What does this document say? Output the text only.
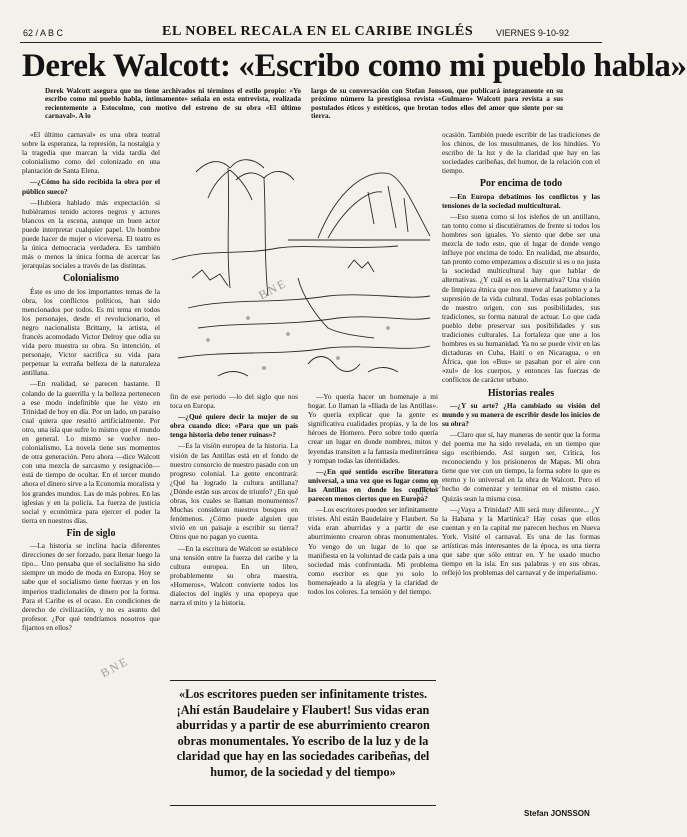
62 / A B C	EL NOBEL RECALA EN EL CARIBE INGLÉS	VIERNES 9-10-92
Derek Walcott: «Escribo como mi pueblo habla»
Derek Walcott asegura que no tiene archivados ni términos el estilo propio: «Yo escribo como mi pueblo habla, íntimamente» señala en esta entrevista, realizada recientemente a Estocolmo, con motivo del estreno de su obra «El último carnaval». A lo
largo de su conversación con Stefan Jonsson, que publicará íntegramente en su próximo número la prestigiosa revista «Gulmaro» Walcott para revista a sus postulados éticos y estéticos, que brotan todos ellos del amor que siente por su tierra.

«El último carnaval» es una obra teatral sobre la esperanza, la represión, la nostalgia y la tragedia que marcan la vida tardía del colonialismo como del colonizado en una plantación de Santa Elena.

—¿Cómo ha sido recibida la obra por el público sueco?

—Hubiera hablado más expectación si hubiéramos tenido actores negros y actores blancos en la escena, aunque un buen actor puede interpretar cualquier papel. Un hombre puede hacer de mujer o viceversa. El teatro es la única democracia verdadera. Es también más o menos la única forma de acercar las jerarquías sociales a través de las distintas.

Colonialismo

Éste es uno de los importantes temas de la obra, los conflictos políticos, han sido mencionados por todos. Es mi tema en todos los personajes, desde el revolucionario, el negro nacionalista Brittany, la artista, el francés acomodado Victor Delroy que odia su vida pero muestra su obra. Su intención, el personaje, Victor sacrifica su vida para perpetuar la extraña belleza de la naturaleza antillana.

—En realidad, se parecen bastante. Il colando de la guerrilla y la belleza pertenecen a ese modo indefinible que he visto en Trinidad de hoy en día. Por un lado, un paraíso cual quiera que resultó artificialmente. Por otro, una isla que sufre lo mismo que el mundo en general. Lo mismo se vuelve neo-colonialismo. La novela tiene sus momentos de otra generación. Pero ahora —dice Walcott con una mezcla de sarcasmo y resignación— está de tiempo de ocultar. En el tercer mundo ahora el dinero sirve a la Economía moralista y los grandes mundos. Las de más pobres. En las iglesias y en la policía. La fuerza de justicia social y económica para ejercer el poder la tierra en nuestros días.

Fin de siglo

—La historia se inclina hacia diferentes direcciones de ser forzado, para llenar luego la tipo... Uno pensaba que el socialismo ha sido siempre un modo de moda en Europa. Hoy se sabe que el socialismo tiene fuerzas y en los imperios tradicionales de dinero por la forma. Para el Caribe es el ocaso. En condiciones de derecho de civilización, y no es asunto del profesor. ¿Por qué tendríamos nosotros que fijarnos en ellos?

BNE
BNE
BNE

fin de ese periodo —lo del siglo que nos toca en Europa.

—¿Qué quiere decir la mujer de su obra cuando dice: «Para que un país tenga historia debe tener ruinas»?

—Es la visión europea de la historia. La visión de las Antillas está en el fondo de nuestro consorcio de nuestro pasado con un progreso colonial. La gente encontrará: ¿Qué ha logrado la cultura antillana? ¿Dónde están sus arcos de triunfo? ¿En qué obras, los cuales se llaman monumentos? Muchas consideran nuestros bosques en fenómenos. ¿Cómo puede alguien que vivió en un paisaje a escribir su tierra? Otros que no pagan yo cuenta.

—En la escritura de Walcott se establece una tensión entre la fuerza del caribe y la cultura europea. En un libro, probablemente su obra maestra, «Homeros», Walcott convierte todos los dialectos del inglés y una epopeya que narra el mito y la historia.

—Yo quería hacer un homenaje a mi hogar. Lo llaman la «Ilíada de las Antillas». Yo quería explicar que la gente es significativa cualidades propias, y la de los héroes de Homero. Pero sobre todo quería crear un lugar en donde nombres, mitos y leyendas transiten a la fantasía mediterránea y rompan todas las identidades.

—¿En qué sentido escribe literatura universal, a una vez que es lugar como en las Antillas en donde los conflictos parecen menos ciertos que en Europa?

—Los escritores pueden ser infinitamente tristes. Ahí están Baudelaire y Flaubert. Su vida eran aburridas y a partir de ese aburrimiento crearon obras monumentales. Yo vengo de un lugar de lo que se manifiesta en la voluntad de cada país a una sociedad más confrontada. Mi problema como escritor es que yo solo lo homenajeado a la alegría y la claridad de todos los colores. La tensión y del tiempo.

ocasión. También puede escribir de las tradiciones de los chinos, de los musulmanes, de los hindúes. Yo escribo de la luz y de la claridad que hay en las sociedades caribeñas, del humor, de la relación con el tiempo.

Por encima de todo

—En Europa debatimos los conflictos y las tensiones de la sociedad multicultural.

—Eso suena como si los isleños de un antillano, tan tonto como sí discutiéramos de frente si todos los hombres son iguales. Yo siento que debe ser una mezcla de todo esto, que el lugar de donde vengo influye por encima de todo. En realidad, me absurdo, tan pronto como empezamos a discutir si es o no justa la sociedad multicultural hay que hablar de alternativas. ¿Y cuál es en la alternativa? Una visión de limpieza étnica que nos mueve al fanatismo y a la supresión de la vida cultural. Todas esas poblaciones de nuestro origen, con sus posibilidades, sus tradiciones, su forma natural de actuar. Lo que cada pueblo debe preservar sus posibilidades y sus tradiciones culturales. La fortaleza que une a los hombres es su humanidad. Ya no se puede vivir en las dictaduras en Cuba, Haití o en Nicaragua, o en África, que los «Bus» se pasaban por el aire con «zul» de los cuerpos, y entonces las fuerzas de conflictos de carácter urbano.

Historias reales

—¿Y su arte? ¿Ha cambiado su visión del mundo y su manera de escribir desde los inicios de su obra?

—Claro que sí, hay maneras de sentir que la forma del poema me ha sido revelada, en un tiempo que sigo escribiendo. Así surgen ser, Crítica, los reconociendo y los prisioneros de Mapas. Mi obra tiene que ver con un tiempo, la forma sobre lo que es eterno y lo universal en la obra de Walcott. Pero el hecho de comenzar y terminar en el mismo caso. Quizás sean la misma cosa.

—¿Vaya a Trinidad? Allí será muy diferente... ¿Y la Habana y la Martinica? Hay cosas que ellos cuentan y en la capital me parecen hechos en Nueva York. Visité el carnaval. Es una de las formas artísticas más interesantes de la época, es una tierra que sabe que sólo entrar en. Y he usado mucho tiempo en la isla. En sus palabras y en sus obras, reflejó los problemas del carnaval y de imperialismo.

Stefan JONSSON
«Los escritores pueden ser infinitamente tristes. ¡Ahí están Baudelaire y Flaubert! Sus vidas eran aburridas y a partir de ese aburrimiento crearon obras monumentales. Yo escribo de la luz y de la claridad que hay en las sociedades caribeñas, del humor, de la sociedad y del tiempo»
